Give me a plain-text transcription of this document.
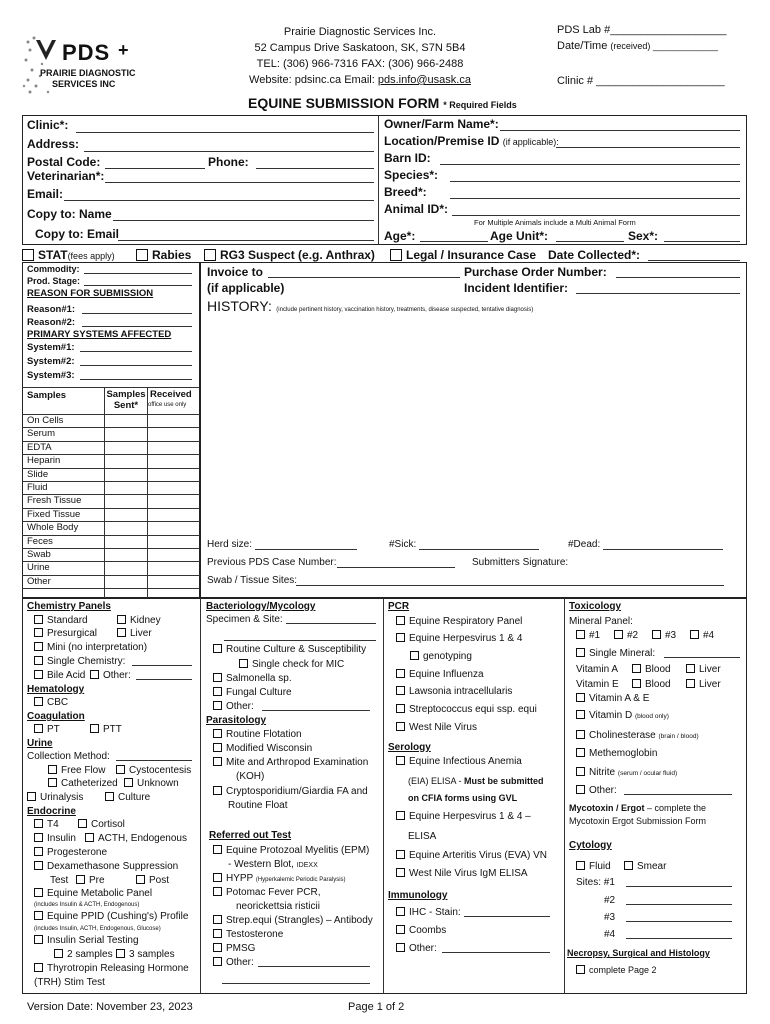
PDS +
PRAIRIE DIAGNOSTIC
SERVICES INC
Prairie Diagnostic Services Inc.
52 Campus Drive Saskatoon, SK, S7N 5B4
TEL: (306) 966-7316 FAX: (306) 966-2488
Website: pdsinc.ca Email: pds.info@usask.ca
PDS Lab #___________________
Date/Time (received) _____________
Clinic # _____________________
EQUINE SUBMISSION FORM * Required Fields
Clinic*:
Address:
Postal Code:	Phone:
Veterinarian*:
Email:
Copy to: Name
Copy to: Email
Owner/Farm Name*:
Location/Premise ID (if applicable):
Barn ID:
Species*:
Breed*:
Animal ID*:
For Multiple Animals include a Multi Animal Form
Age*:	Age Unit*:	Sex*:
STAT(fees apply)	Rabies	RG3 Suspect (e.g. Anthrax)	Legal / Insurance Case Date Collected*:
Commodity:
Prod. Stage:
REASON FOR SUBMISSION
Reason#1:
Reason#2:
PRIMARY SYSTEMS AFFECTED
System#1:
System#2:
System#3:
Samples	Samples Sent*
Received
office use only
On Cells
Serum
EDTA
Heparin
Slide
Fluid
Fresh Tissue
Fixed Tissue
Whole Body
Feces
Swab
Urine
Other
Invoice to
(if applicable)
Purchase Order Number:
Incident Identifier:
HISTORY: (include pertinent history, vaccination history, treatments, disease suspected, tentative diagnosis)
Herd size:	#Sick:	#Dead:
Previous PDS Case Number:	Submitters Signature:
Swab / Tissue Sites:
Chemistry Panels
Standard	Kidney
Presurgical	Liver
Mini (no interpretation)
Single Chemistry:
Bile Acid	Other:
Hematology
CBC
Coagulation
PT	PTT
Urine
Collection Method:
Free Flow	Cystocentesis
Catheterized	Unknown
Urinalysis	Culture
Endocrine
T4	Cortisol
Insulin	ACTH, Endogenous
Progesterone
Dexamethasone Suppression
Test	Pre	Post
Equine Metabolic Panel
(includes Insulin & ACTH, Endogenous)
Equine PPID (Cushing's) Profile
(includes Insulin, ACTH, Endogenous, Glucose)
Insulin Serial Testing
2 samples	3 samples
Thyrotropin Releasing Hormone
(TRH) Stim Test
Bacteriology/Mycology
Specimen & Site:
Routine Culture & Susceptibility
Single check for MIC
Salmonella sp.
Fungal Culture
Other:
Parasitology
Routine Flotation
Modified Wisconsin
Mite and Arthropod Examination
(KOH)
Cryptosporidium/Giardia FA and
Routine Float
Referred out Test
Equine Protozoal Myelitis (EPM)
- Western Blot, IDEXX
HYPP (Hyperkalemic Periodic Paralysis)
Potomac Fever PCR,
neorickettsia risticii
Strep.equi (Strangles) – Antibody
Testosterone
PMSG
Other:
PCR
Equine Respiratory Panel
Equine Herpesvirus 1 & 4
genotyping
Equine Influenza
Lawsonia intracellularis
Streptococcus equi ssp. equi
West Nile Virus
Serology
Equine Infectious Anemia
(EIA) ELISA - Must be submitted
on CFIA forms using GVL
Equine Herpesvirus 1 & 4 –
ELISA
Equine Arteritis Virus (EVA) VN
West Nile Virus IgM ELISA
Immunology
IHC - Stain:
Coombs
Other:
Toxicology
Mineral Panel:
#1	#2	#3	#4
Single Mineral:
Vitamin A	Blood	Liver
Vitamin E	Blood	Liver
Vitamin A & E
Vitamin D (blood only)
Cholinesterase (brain / blood)
Methemoglobin
Nitrite (serum / ocular fluid)
Other:
Mycotoxin / Ergot – complete the
Mycotoxin Ergot Submission Form
Cytology
Fluid	Smear
Sites: #1
#2
#3
#4
Necropsy, Surgical and Histology
complete Page 2
Version Date: November 23, 2023	Page 1 of 2
